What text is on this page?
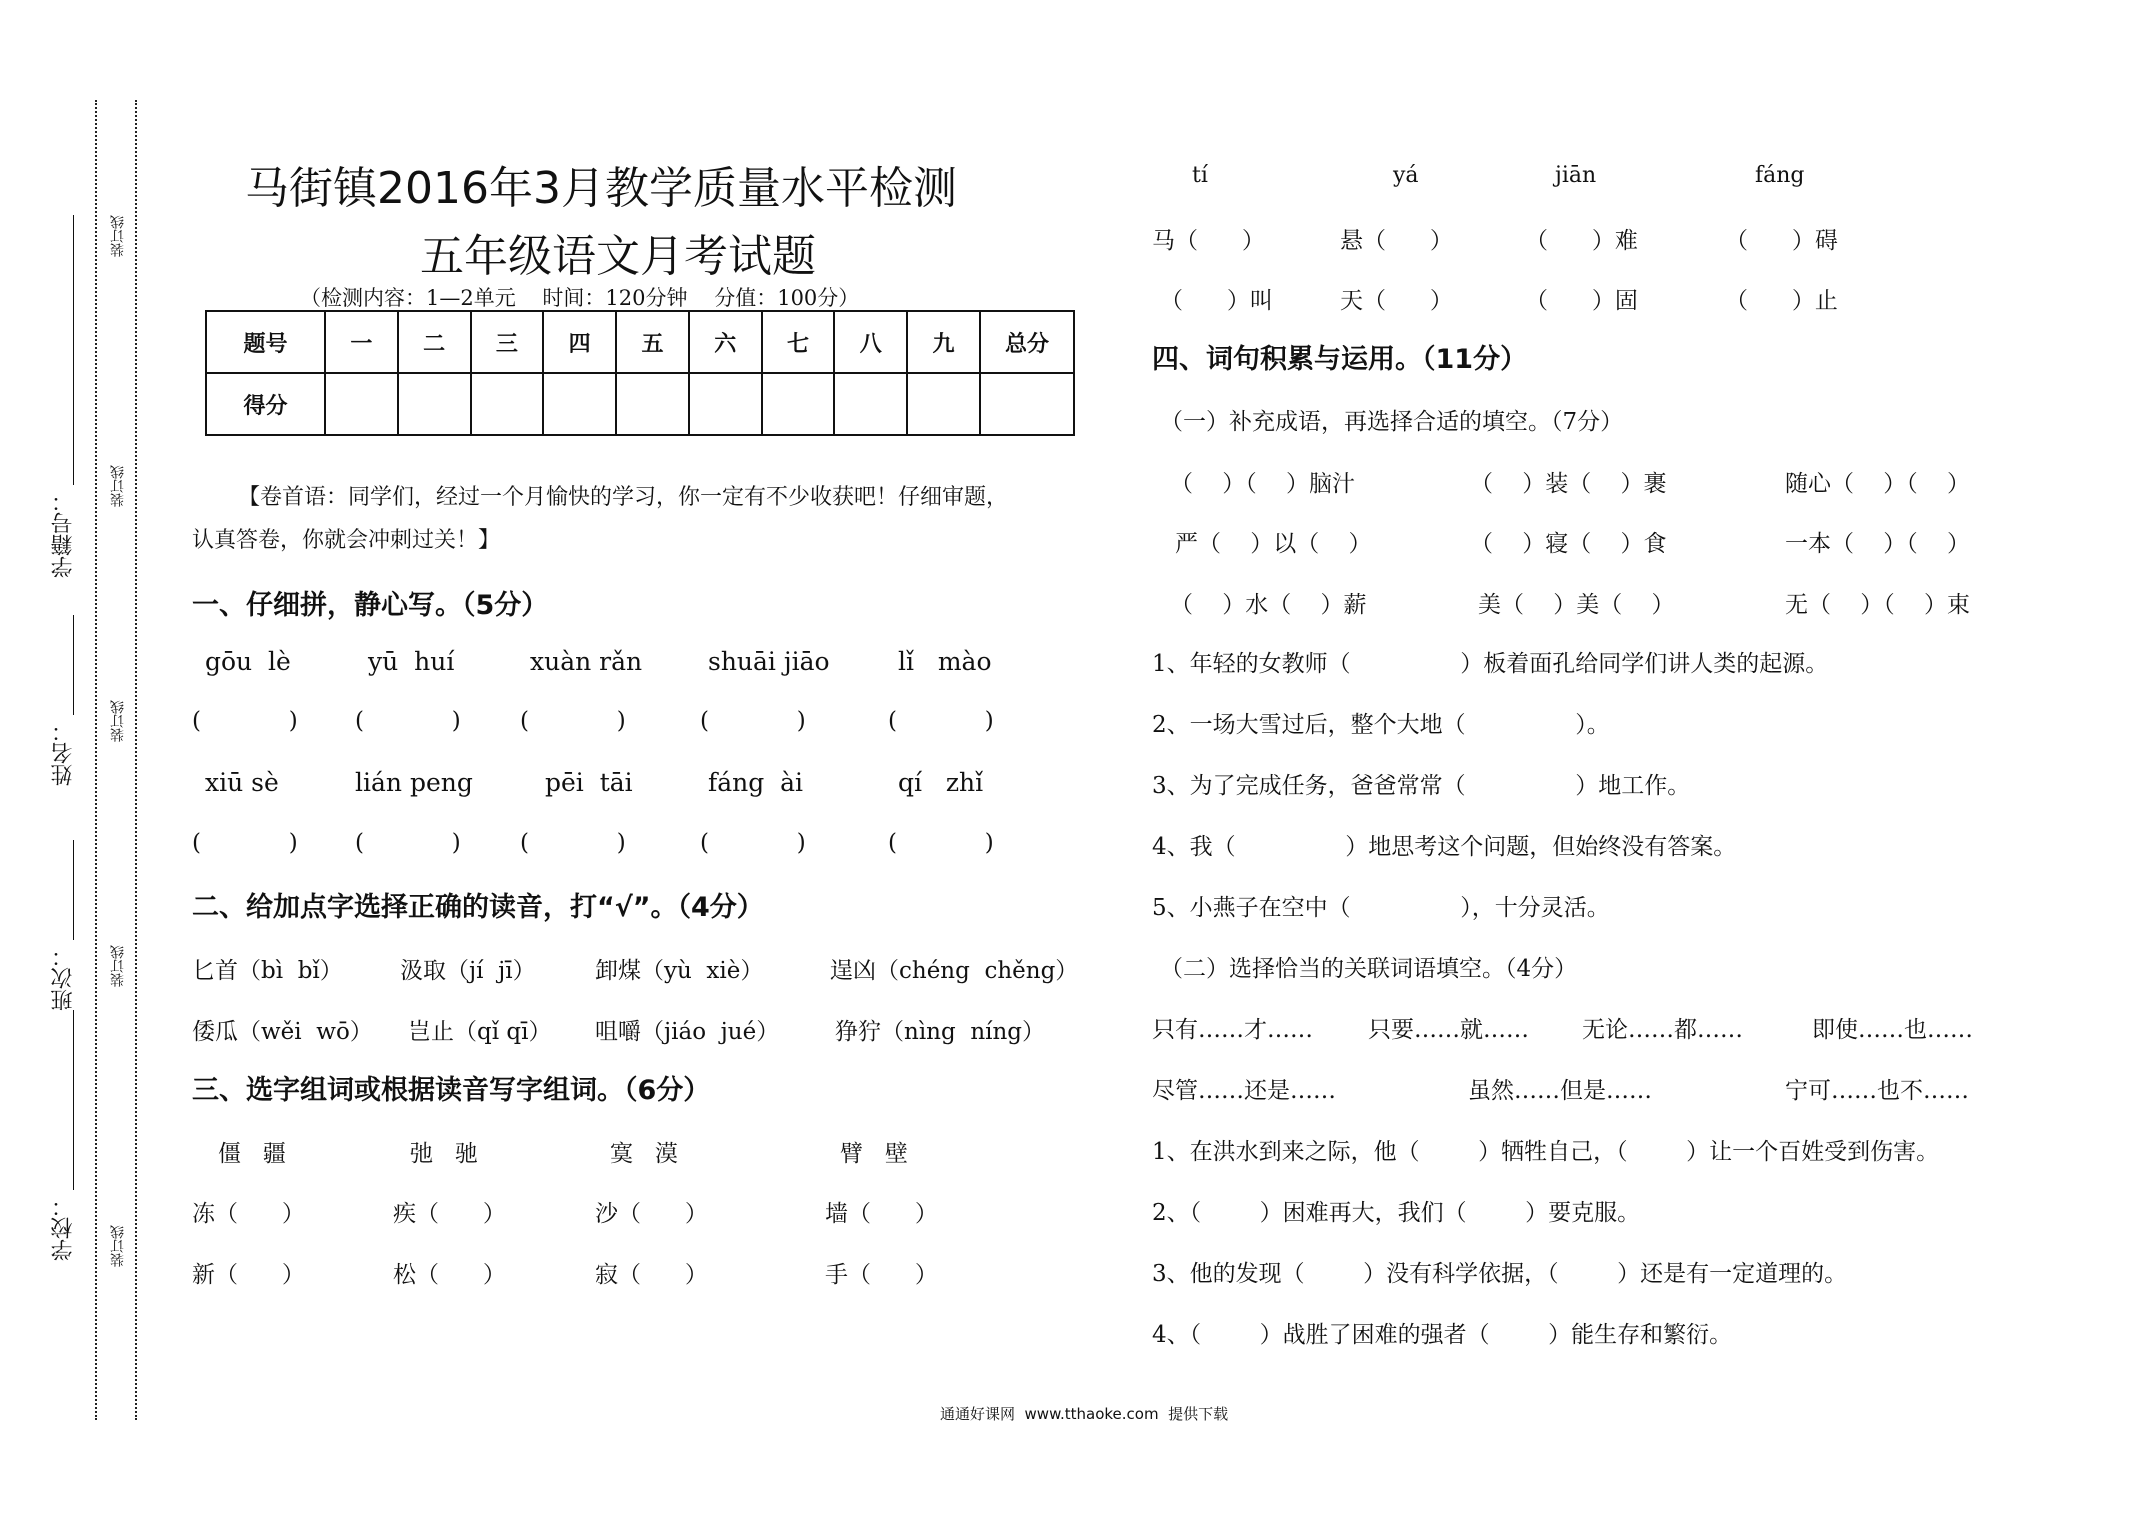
学籍号：
姓名：
班次：
学校：
装订线
装订线
装订线
装订线
装订线
马街镇2016年3月教学质量水平检测
五年级语文月考试题
（检测内容：1—2单元    时间：120分钟    分值：100分）
题号	一	二	三	四	五	六	七	八	九	总分
得分										
【卷首语：同学们，经过一个月愉快的学习，你一定有不少收获吧！仔细审题，
认真答卷，你就会冲刺过关！】
一、仔细拼，静心写。（5分）
gōu  lè	yū  huí	xuàn rǎn	shuāi jiāo	lǐ   mào
(            ) (            )	(            )	(            )	(            )
xiū sè	lián peng	pēi  tāi	fáng  ài	qí   zhǐ
(            ) (            )	(            )	(            )	(            )
二、给加点字选择正确的读音，打“√”。（4分）
匕首（bì  bǐ） 汲取（jí  jī）	卸煤（yù  xiè）	逞凶（chéng  chěng）
倭瓜（wěi  wō） 岂止（qǐ qī） 咀嚼（jiáo  jué） 狰狞（nìng  níng）
三、选字组词或根据读音写字组词。（6分）
僵   疆	弛   驰	寞   漠	臂   壁
冻（      ）	疾（      ）	沙（      ）	墙（      ）
新（      ）	松（      ）	寂（      ）	手（      ）
tí	yá	jiān	fáng
马（      ）	悬（      ）	（      ）难	（      ）碍
（      ）叫	天（      ）	（      ）固	（      ）止
四、词句积累与运用。（11分）
（一）补充成语，再选择合适的填空。（7分）
（    ）（    ）脑汁	（    ）装（    ）裹	随心（    ）（    ）
严（    ）以（    ）	（    ）寝（    ）食	一本（    ）（    ）
（    ）水（    ）薪	美（    ）美（    ）	无（    ）（    ）束
1、年轻的女教师（               ）板着面孔给同学们讲人类的起源。
2、一场大雪过后，整个大地（               ）。
3、为了完成任务，爸爸常常（               ）地工作。
4、我（               ）地思考这个问题，但始终没有答案。
5、小燕子在空中（               ），十分灵活。
（二）选择恰当的关联词语填空。（4分）
只有……才…… 只要……就…… 无论……都……	即使……也……
尽管……还是……	虽然……但是……	宁可……也不……
1、在洪水到来之际，他（        ）牺牲自己，（        ）让一个百姓受到伤害。
2、（        ）困难再大，我们（        ）要克服。
3、他的发现（        ）没有科学依据，（        ）还是有一定道理的。
4、（        ）战胜了困难的强者（        ）能生存和繁衍。
通通好课网  www.tthaoke.com  提供下载
